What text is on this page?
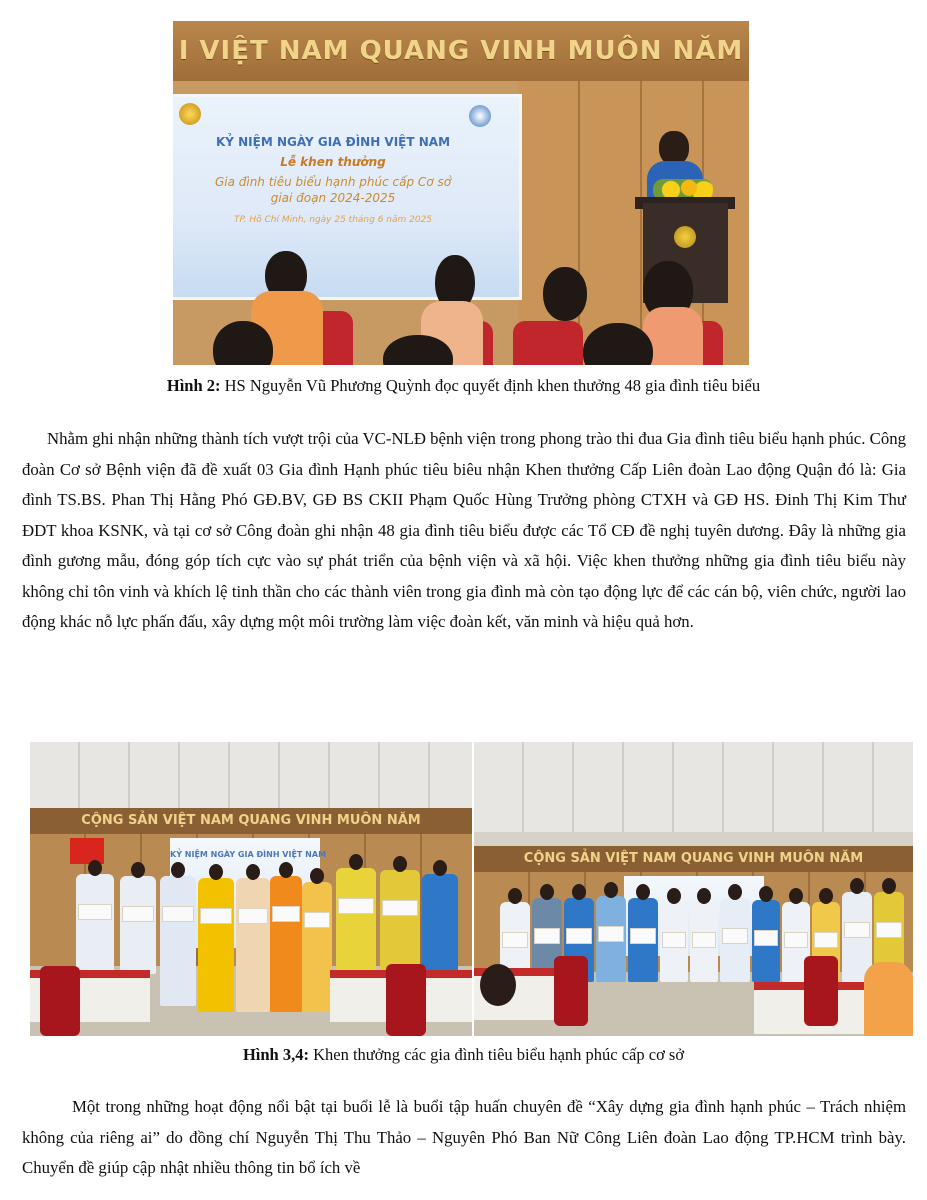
I VIỆT NAM QUANG VINH MUÔN NĂM
KỶ NIỆM NGÀY GIA ĐÌNH VIỆT NAM
Lễ khen thưởng
Gia đình tiêu biểu hạnh phúc cấp Cơ sở
giai đoạn 2024-2025
TP. Hồ Chí Minh, ngày 25 tháng 6 năm 2025
Hình 2: HS Nguyễn Vũ Phương Quỳnh đọc quyết định khen thưởng 48 gia đình tiêu biểu

Nhằm ghi nhận những thành tích vượt trội của VC-NLĐ bệnh viện trong phong trào thi đua Gia đình tiêu biểu hạnh phúc. Công đoàn Cơ sở Bệnh viện đã đề xuất 03 Gia đình Hạnh phúc tiêu biêu nhận Khen thưởng Cấp Liên đoàn Lao động Quận đó là: Gia đình TS.BS. Phan Thị Hằng Phó GĐ.BV, GĐ BS CKII Phạm Quốc Hùng Trưởng phòng CTXH và GĐ HS. Đinh Thị Kim Thư ĐDT khoa KSNK, và tại cơ sở Công đoàn ghi nhận 48 gia đình tiêu biểu được các Tổ CĐ đề nghị tuyên dương. Đây là những gia đình gương mẫu, đóng góp tích cực vào sự phát triển của bệnh viện và xã hội. Việc khen thưởng những gia đình tiêu biểu này không chỉ tôn vinh và khích lệ tinh thần cho các thành viên trong gia đình mà còn tạo động lực để các cán bộ, viên chức, người lao động khác nỗ lực phấn đấu, xây dựng một môi trường làm việc đoàn kết, văn minh và hiệu quả hơn.

CỘNG SẢN VIỆT NAM QUANG VINH MUÔN NĂM
KỶ NIỆM NGÀY GIA ĐÌNH VIỆT NAM	CỘNG SẢN VIỆT NAM QUANG VINH MUÔN NĂM
Hình 3,4: Khen thưởng các gia đình tiêu biểu hạnh phúc cấp cơ sở

Một trong những hoạt động nổi bật tại buổi lễ là buổi tập huấn chuyên đề “Xây dựng gia đình hạnh phúc – Trách nhiệm không của riêng ai” do đồng chí Nguyễn Thị Thu Thảo – Nguyên Phó Ban Nữ Công Liên đoàn Lao động TP.HCM trình bày. Chuyển đề giúp cập nhật nhiều thông tin bổ ích về
